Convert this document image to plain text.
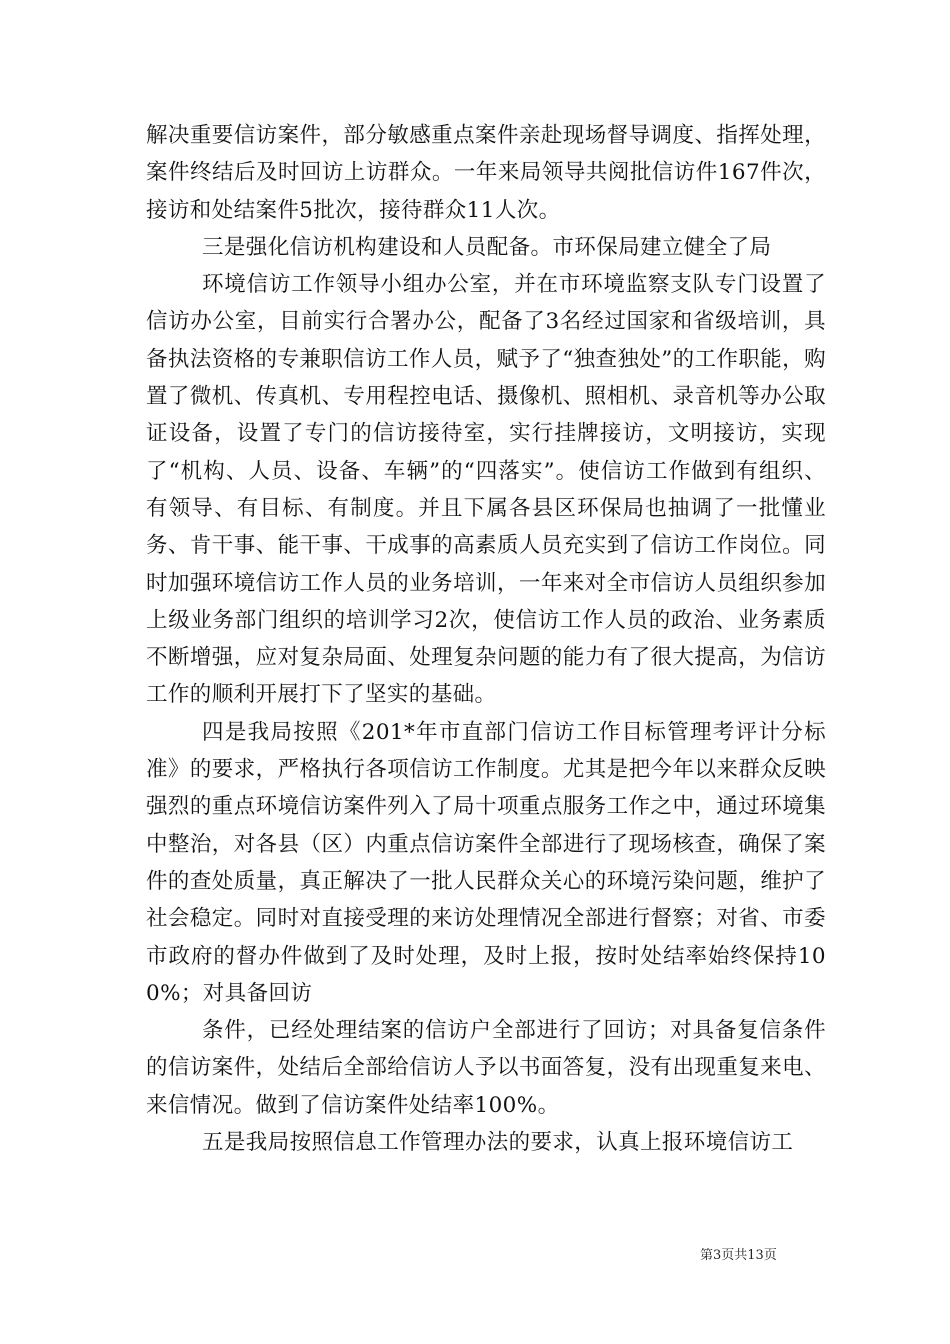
解决重要信访案件，部分敏感重点案件亲赴现场督导调度、指挥处理，案件终结后及时回访上访群众。一年来局领导共阅批信访件167件次，接访和处结案件5批次，接待群众11人次。

三是强化信访机构建设和人员配备。市环保局建立健全了局

环境信访工作领导小组办公室，并在市环境监察支队专门设置了信访办公室，目前实行合署办公，配备了3名经过国家和省级培训，具备执法资格的专兼职信访工作人员，赋予了“独查独处”的工作职能，购置了微机、传真机、专用程控电话、摄像机、照相机、录音机等办公取证设备，设置了专门的信访接待室，实行挂牌接访，文明接访，实现了“机构、人员、设备、车辆”的“四落实”。使信访工作做到有组织、有领导、有目标、有制度。并且下属各县区环保局也抽调了一批懂业务、肯干事、能干事、干成事的高素质人员充实到了信访工作岗位。同时加强环境信访工作人员的业务培训，一年来对全市信访人员组织参加上级业务部门组织的培训学习2次，使信访工作人员的政治、业务素质不断增强，应对复杂局面、处理复杂问题的能力有了很大提高，为信访工作的顺利开展打下了坚实的基础。

四是我局按照《201*年市直部门信访工作目标管理考评计分标准》的要求，严格执行各项信访工作制度。尤其是把今年以来群众反映强烈的重点环境信访案件列入了局十项重点服务工作之中，通过环境集中整治，对各县（区）内重点信访案件全部进行了现场核查，确保了案件的查处质量，真正解决了一批人民群众关心的环境污染问题，维护了社会稳定。同时对直接受理的来访处理情况全部进行督察；对省、市委市政府的督办件做到了及时处理，及时上报，按时处结率始终保持100%；对具备回访

条件，已经处理结案的信访户全部进行了回访；对具备复信条件的信访案件，处结后全部给信访人予以书面答复，没有出现重复来电、来信情况。做到了信访案件处结率100%。

五是我局按照信息工作管理办法的要求，认真上报环境信访工

第3页共13页
